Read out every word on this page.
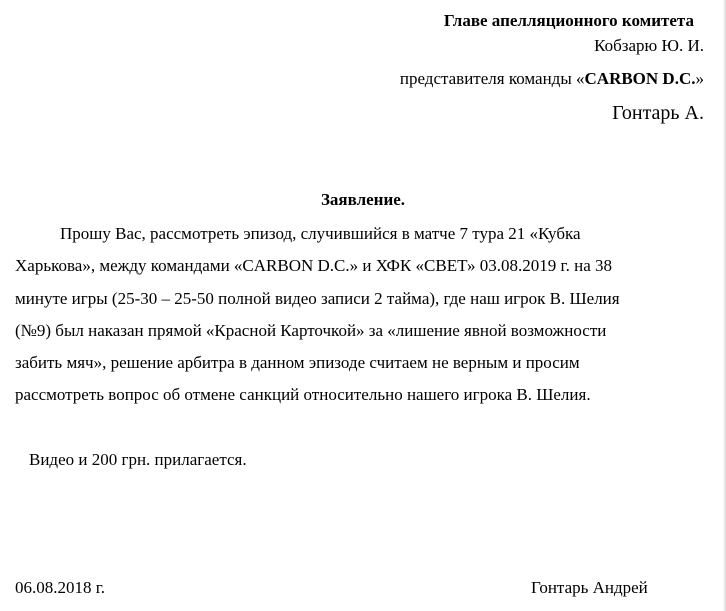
Главе апелляционного комитета
Кобзарю Ю. И.
представителя команды «CARBON D.C.»
Гонтарь А.
Заявление.
Прошу Вас, рассмотреть эпизод, случившийся в матче 7 тура 21 «Кубка
Харькова», между командами «CARBON D.C.» и ХФК «СВЕТ» 03.08.2019 г. на 38
минуте игры (25-30 – 25-50 полной видео записи 2 тайма), где наш игрок В. Шелия
(№9) был наказан прямой «Красной Карточкой» за «лишение явной возможности
забить мяч», решение арбитра в данном эпизоде считаем не верным и просим
рассмотреть вопрос об отмене санкций относительно нашего игрока В. Шелия.
Видео и 200 грн. прилагается.
06.08.2018 г.	Гонтарь Андрей
